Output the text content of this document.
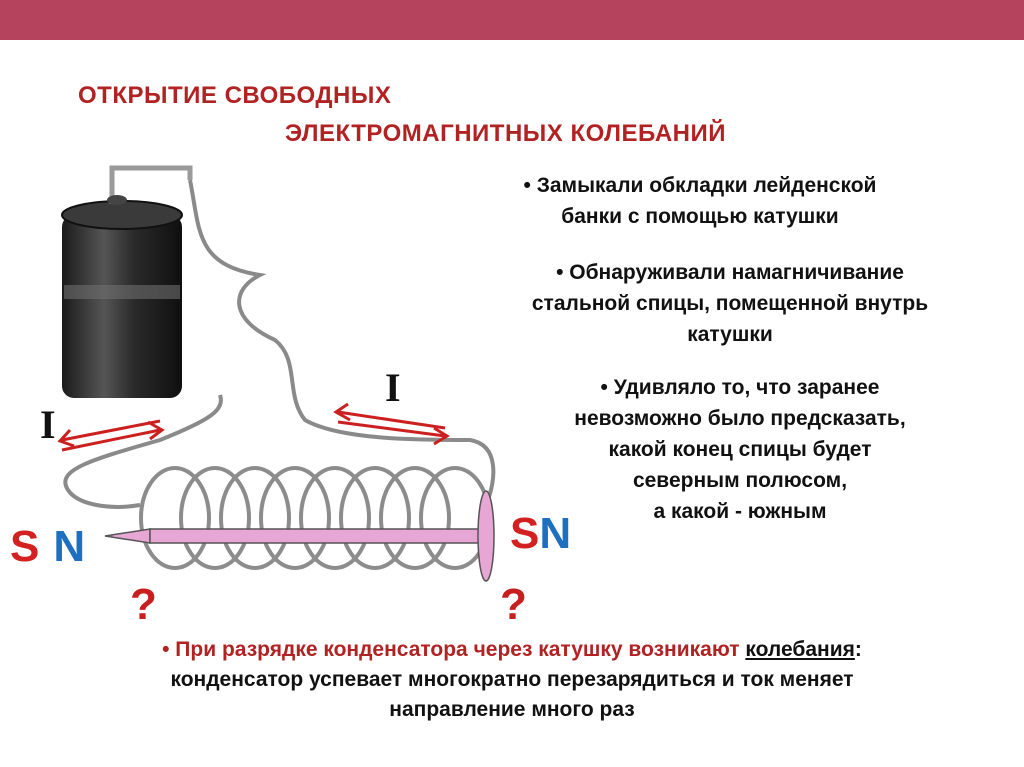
I
I
S N	SN
?	?
ОТКРЫТИЕ СВОБОДНЫХ
ЭЛЕКТРОМАГНИТНЫХ КОЛЕБАНИЙ
• Замыкали обкладки лейденской
банки с помощью катушки
• Обнаруживали намагничивание
стальной спицы, помещенной внутрь
катушки
• Удивляло то, что заранее
невозможно было предсказать,
какой конец спицы будет
северным полюсом,
а какой - южным
• При разрядке конденсатора через катушку возникают колебания:
конденсатор успевает многократно перезарядиться и ток меняет
направление много раз
